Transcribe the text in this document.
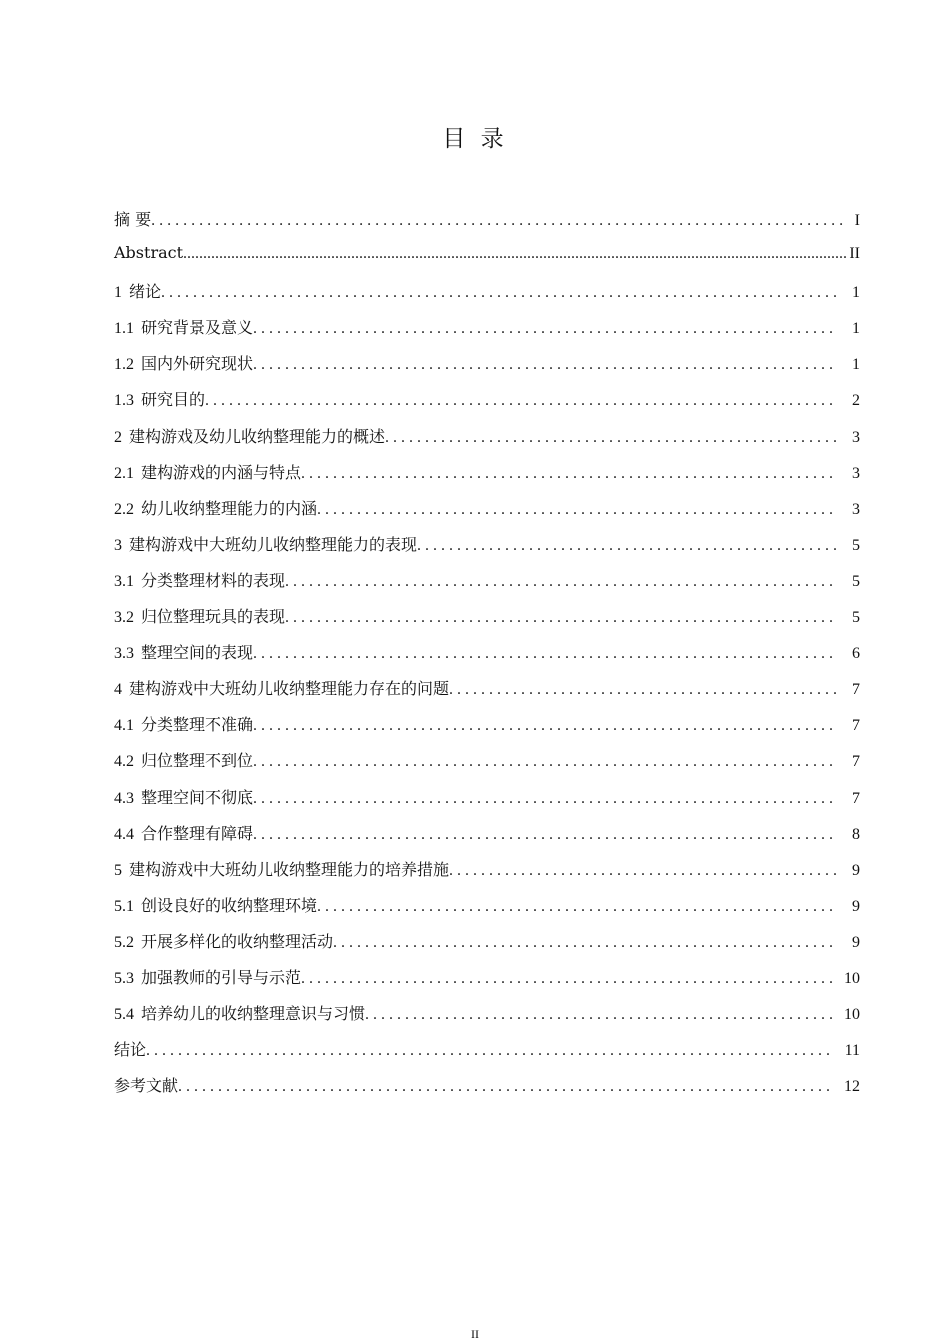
目 录
摘 要 . . .	I
Abstract .....	II
1 绪论 . . .	1
1.1 研究背景及意义 . . .	1
1.2 国内外研究现状 . . .	1
1.3 研究目的 . . .	2
2 建构游戏及幼儿收纳整理能力的概述 . . .	3
2.1 建构游戏的内涵与特点 . . .	3
2.2 幼儿收纳整理能力的内涵 . . .	3
3 建构游戏中大班幼儿收纳整理能力的表现 . . .	5
3.1 分类整理材料的表现 . . .	5
3.2 归位整理玩具的表现 . . .	5
3.3 整理空间的表现 . . .	6
4 建构游戏中大班幼儿收纳整理能力存在的问题 . . .	7
4.1 分类整理不准确 . . .	7
4.2 归位整理不到位 . . .	7
4.3 整理空间不彻底 . . .	7
4.4 合作整理有障碍 . . .	8
5 建构游戏中大班幼儿收纳整理能力的培养措施 . . .	9
5.1 创设良好的收纳整理环境 . . .	9
5.2 开展多样化的收纳整理活动 . . .	9
5.3 加强教师的引导与示范 . . .	10
5.4 培养幼儿的收纳整理意识与习惯 . . .	10
结论 . . .	11
参考文献 . . .	12
II
